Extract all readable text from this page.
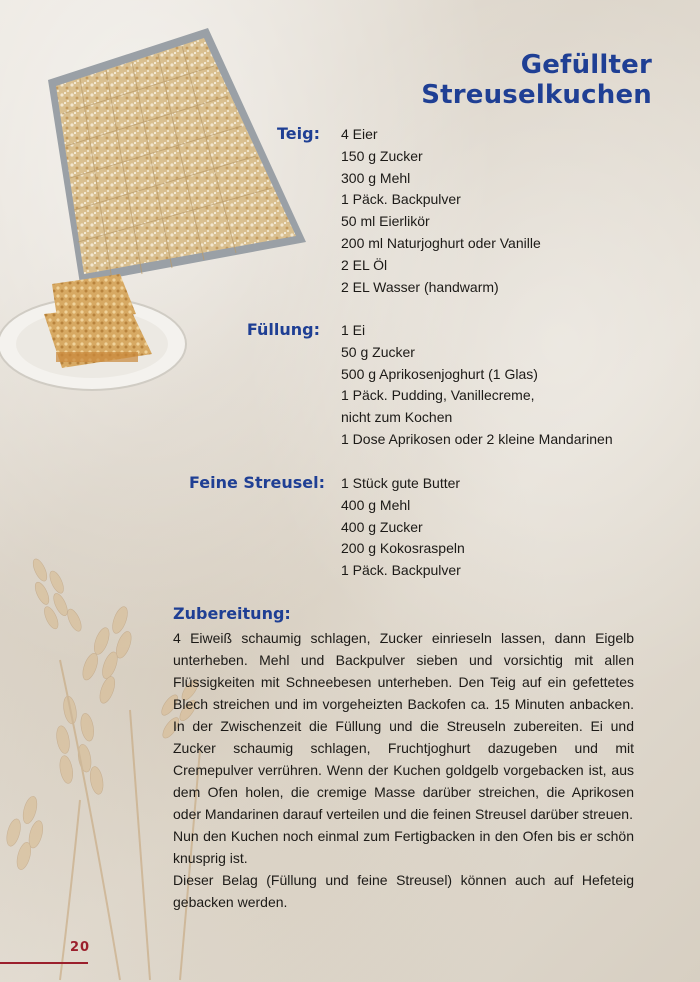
Gefüllter Streuselkuchen
Teig: 4 Eier
150 g Zucker
300 g Mehl
1 Päck. Backpulver
50 ml Eierlikör
200 ml Naturjoghurt oder Vanille
2 EL Öl
2 EL Wasser (handwarm)
Füllung: 1 Ei
50 g Zucker
500 g Aprikosenjoghurt (1 Glas)
1 Päck. Pudding, Vanillecreme,
nicht zum Kochen
1 Dose Aprikosen oder 2 kleine Mandarinen
Feine Streusel: 1 Stück gute Butter
400 g Mehl
400 g Zucker
200 g Kokosraspeln
1 Päck. Backpulver
Zubereitung:

4 Eiweiß schaumig schlagen, Zucker einrieseln lassen, dann Eigelb unterheben. Mehl und Backpulver sieben und vorsichtig mit allen Flüssigkeiten mit Schneebesen unterheben. Den Teig auf ein gefettetes Blech streichen und im vorgeheizten Backofen ca. 15 Minuten anbacken. In der Zwischenzeit die Füllung und die Streuseln zubereiten. Ei und Zucker schaumig schlagen, Fruchtjoghurt dazugeben und mit Cremepulver verrühren. Wenn der Kuchen goldgelb vorgebacken ist, aus dem Ofen holen, die cremige Masse darüber streichen, die Aprikosen oder Mandarinen darauf verteilen und die feinen Streusel darüber streuen.

Nun den Kuchen noch einmal zum Fertigbacken in den Ofen bis er schön knusprig ist.

Dieser Belag (Füllung und feine Streusel) können auch auf Hefeteig gebacken werden.

20
